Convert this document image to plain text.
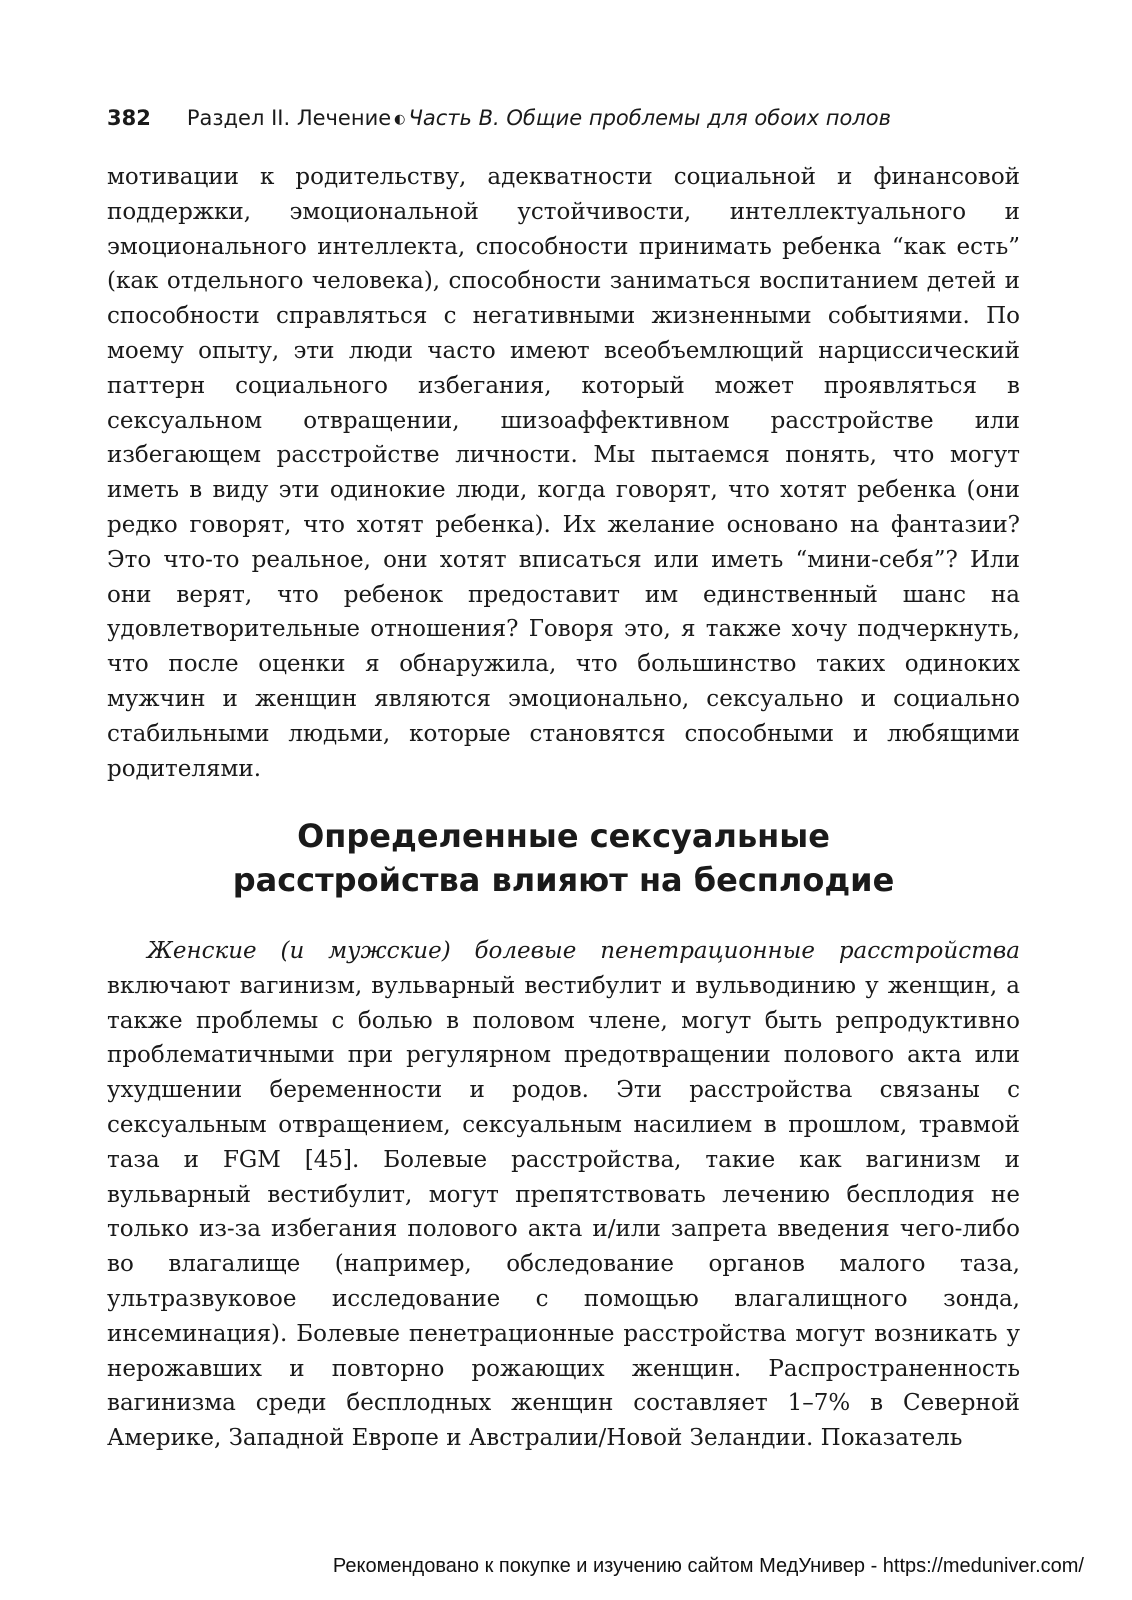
382 Раздел II. Лечение ◐ Часть В. Общие проблемы для обоих полов

мотивации к родительству, адекватности социальной и финансовой поддержки, эмоциональной устойчивости, интеллектуального и эмоционального интеллекта, способности принимать ребенка “как есть” (как отдельного человека), способности заниматься воспитанием детей и способности справляться с негативными жизненными событиями. По моему опыту, эти люди часто имеют всеобъемлющий нарциссический паттерн социального избегания, который может проявляться в сексуальном отвращении, шизоаффективном расстройстве или избегающем расстройстве личности. Мы пытаемся понять, что могут иметь в виду эти одинокие люди, когда говорят, что хотят ребенка (они редко говорят, что хотят ребенка). Их желание основано на фантазии? Это что-то реальное, они хотят вписаться или иметь “мини-себя”? Или они верят, что ребенок предоставит им единственный шанс на удовлетворительные отношения? Говоря это, я также хочу подчеркнуть, что после оценки я обнаружила, что большинство таких одиноких мужчин и женщин являются эмоционально, сексуально и социально стабильными людьми, которые становятся способными и любящими родителями.

Определенные сексуальные
расстройства влияют на бесплодие

Женские (и мужские) болевые пенетрационные расстройства включают вагинизм, вульварный вестибулит и вульводинию у женщин, а также проблемы с болью в половом члене, могут быть репродуктивно проблематичными при регулярном предотвращении полового акта или ухудшении беременности и родов. Эти расстройства связаны с сексуальным отвращением, сексуальным насилием в прошлом, травмой таза и FGM [45]. Болевые расстройства, такие как вагинизм и вульварный вестибулит, могут препятствовать лечению бесплодия не только из-за избегания полового акта и/или запрета введения чего-либо во влагалище (например, обследование органов малого таза, ультразвуковое исследование с помощью влагалищного зонда, инсеминация). Болевые пенетрационные расстройства могут возникать у нерожавших и повторно рожающих женщин. Распространенность вагинизма среди бесплодных женщин составляет 1–7% в Северной Америке, Западной Европе и Австралии/Новой Зеландии. Показатель

Рекомендовано к покупке и изучению сайтом МедУнивер - https://meduniver.com/
